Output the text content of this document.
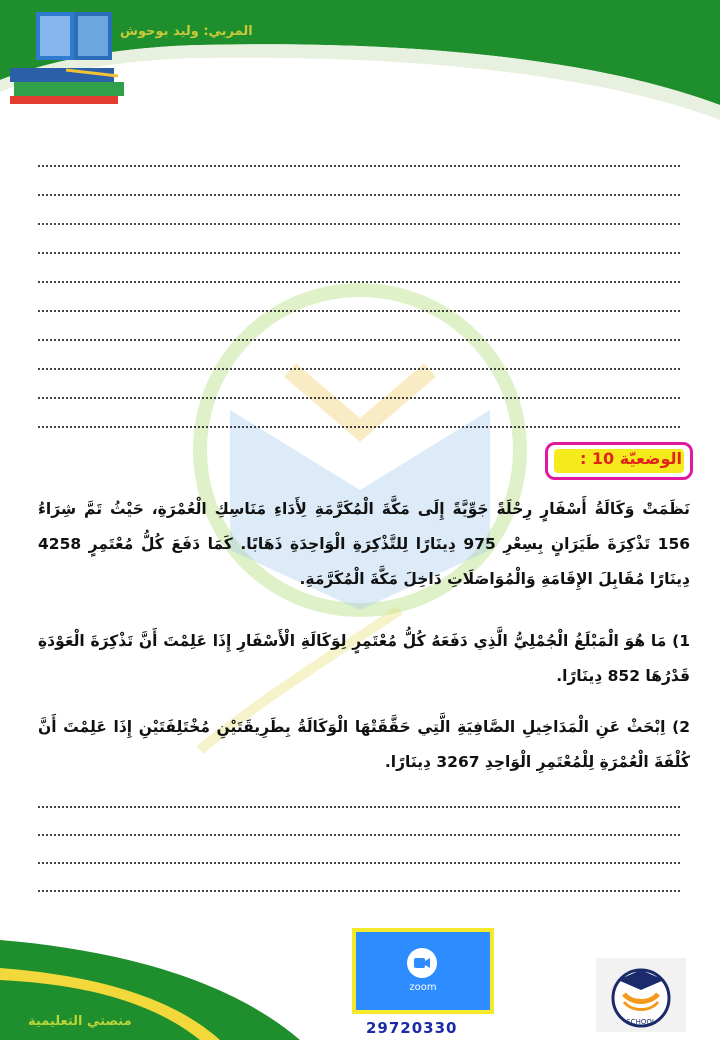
المربي: وليد بوحوش
الوضعيّة 10 :
نَظَمَتْ وَكَالَةُ أَسْفَارٍ رِحْلَةً جَوِّيَّةً إِلَى مَكَّةَ الْمُكَرَّمَةِ لِأَدَاءِ مَنَاسِكِ الْعُمْرَةِ، حَيْثُ تَمَّ شِرَاءُ 156 تَذْكِرَةَ طَيَرَانٍ بِسِعْرِ 975 دِينَارًا لِلتَّذْكِرَةِ الْوَاحِدَةِ ذَهَابًا. كَمَا دَفَعَ كُلُّ مُعْتَمِرٍ 4258 دِينَارًا مُقَابِلَ الإِقَامَةِ وَالْمُوَاصَلَاتِ دَاخِلَ مَكَّةَ الْمُكَرَّمَةِ.
1) مَا هُوَ الْمَبْلَغُ الْجُمْلِيُّ الَّذِي دَفَعَهُ كُلُّ مُعْتَمِرٍ لِوَكَالَةِ الْأَسْفَارِ إِذَا عَلِمْتَ أَنَّ تَذْكِرَةَ الْعَوْدَةِ قَدْرُهَا 852 دِينَارًا.
2) اِبْحَثْ عَنِ الْمَدَاخِيلِ الصَّافِيَةِ الَّتِي حَقَّقَتْهَا الْوَكَالَةُ بِطَرِيقَتَيْنِ مُخْتَلِفَتَيْنِ إِذَا عَلِمْتَ أَنَّ كُلْفَةَ الْعُمْرَةِ لِلْمُعْتَمِرِ الْوَاحِدِ 3267 دِينَارًا.
منصتي التعليمية
zoom
29720330	SCHOOL
